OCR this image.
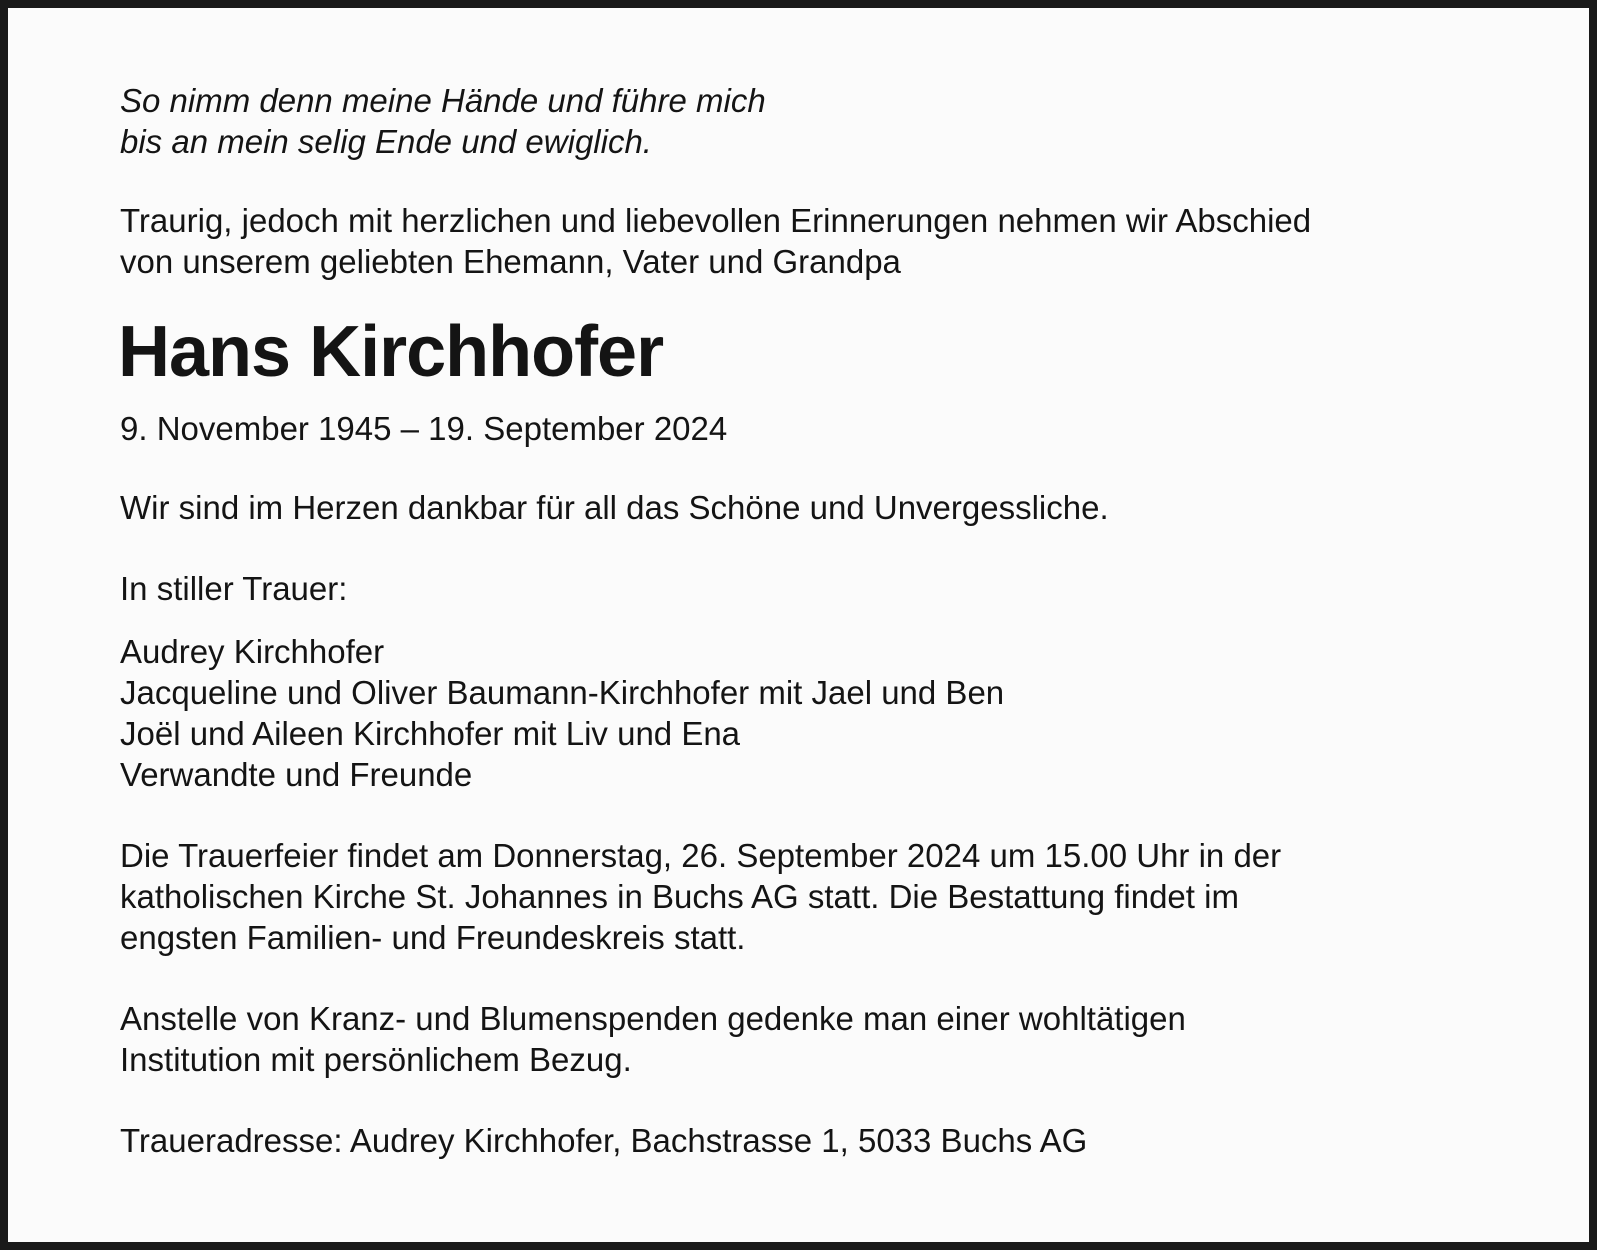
So nimm denn meine Hände und führe mich
bis an mein selig Ende und ewiglich.

Traurig, jedoch mit herzlichen und liebevollen Erinnerungen nehmen wir Abschied
von unserem geliebten Ehemann, Vater und Grandpa

Hans Kirchhofer

9. November 1945 – 19. September 2024

Wir sind im Herzen dankbar für all das Schöne und Unvergessliche.

In stiller Trauer:

Audrey Kirchhofer
Jacqueline und Oliver Baumann-Kirchhofer mit Jael und Ben
Joël und Aileen Kirchhofer mit Liv und Ena
Verwandte und Freunde

Die Trauerfeier findet am Donnerstag, 26. September 2024 um 15.00 Uhr in der
katholischen Kirche St. Johannes in Buchs AG statt. Die Bestattung findet im
engsten Familien- und Freundeskreis statt.

Anstelle von Kranz- und Blumenspenden gedenke man einer wohltätigen
Institution mit persönlichem Bezug.

Traueradresse: Audrey Kirchhofer, Bachstrasse 1, 5033 Buchs AG
